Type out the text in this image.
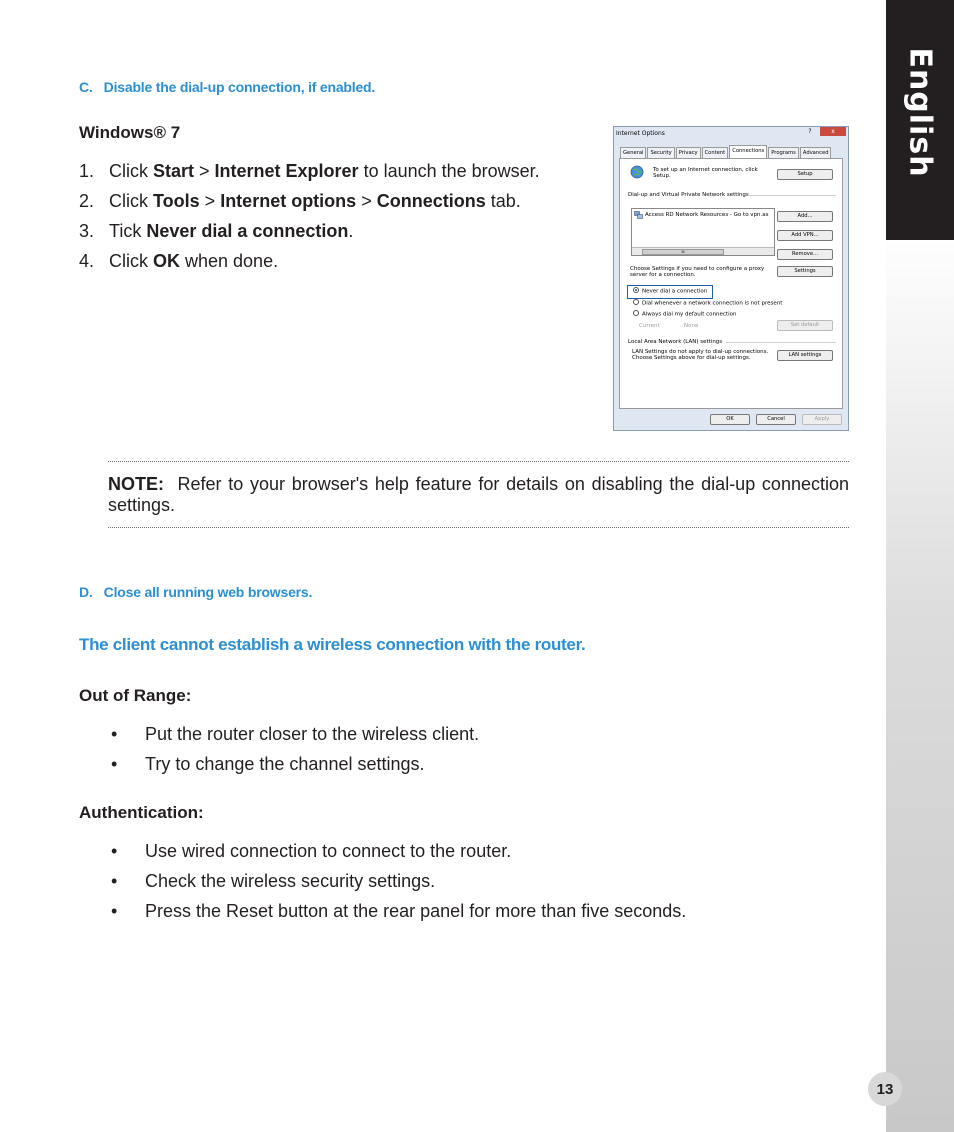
English
13
C.   Disable the dial-up connection, if enabled.
Windows® 7
1. Click Start > Internet Explorer to launch the browser.
2. Click Tools > Internet options > Connections tab.
3. Tick Never dial a connection.
4. Click OK when done.
Internet Options	?	x
General	Security	Privacy	Content	Connections	Programs	Advanced
To set up an Internet connection, click Setup.	Setup
Dial-up and Virtual Private Network settings
Access RD Network Resources - Go to vpn.as
III
Add...
Add VPN...
Remove...
Choose Settings if you need to configure a proxy server for a connection.
Settings
Never dial a connection
Dial whenever a network connection is not present
Always dial my default connection
Current	None	Set default
Local Area Network (LAN) settings
LAN Settings do not apply to dial-up connections. Choose Settings above for dial-up settings.	LAN settings
OK	Cancel	Apply
NOTE: Refer to your browser's help feature for details on disabling the dial-up connection settings.
D.   Close all running web browsers.
The client cannot establish a wireless connection with the router.
Out of Range:
•	Put the router closer to the wireless client.
•	Try to change the channel settings.
Authentication:
•	Use wired connection to connect to the router.
•	Check the wireless security settings.
•	Press the Reset button at the rear panel for more than five seconds.
